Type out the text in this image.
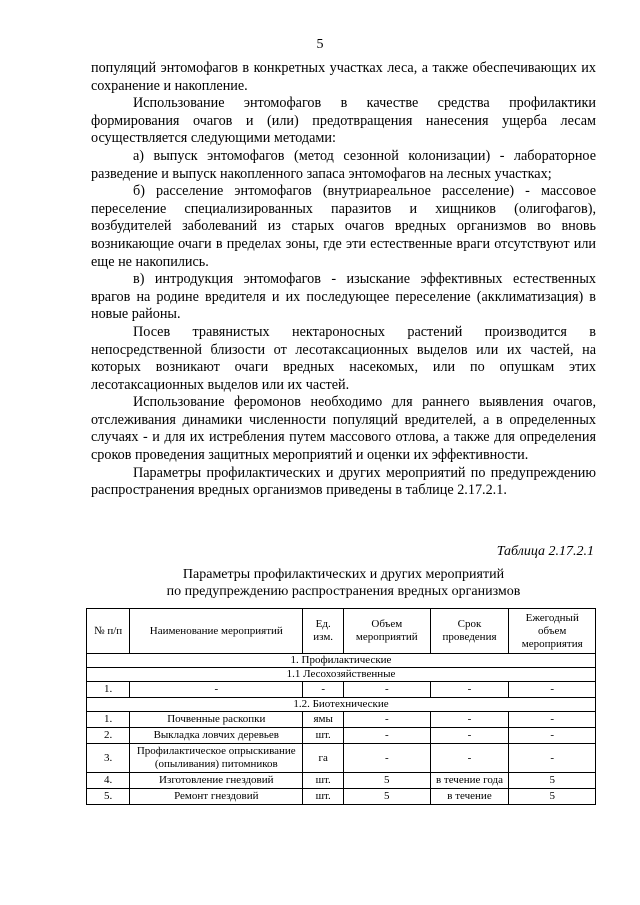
5

популяций энтомофагов в конкретных участках леса, а также обеспечивающих их сохранение и накопление.

Использование энтомофагов в качестве средства профилактики формирования очагов и (или) предотвращения нанесения ущерба лесам осуществляется следующими методами:

а) выпуск энтомофагов (метод сезонной колонизации) - лабораторное разведение и выпуск накопленного запаса энтомофагов на лесных участках;

б) расселение энтомофагов (внутриареальное расселение) - массовое переселение специализированных паразитов и хищников (олигофагов), возбудителей заболеваний из старых очагов вредных организмов во вновь возникающие очаги в пределах зоны, где эти естественные враги отсутствуют или еще не накопились.

в) интродукция энтомофагов - изыскание эффективных естественных врагов на родине вредителя и их последующее переселение (акклиматизация) в новые районы.

Посев травянистых нектароносных растений производится в непосредственной близости от лесотаксационных выделов или их частей, на которых возникают очаги вредных насекомых, или по опушкам этих лесотаксационных выделов или их частей.

Использование феромонов необходимо для раннего выявления очагов, отслеживания динамики численности популяций вредителей, а в определенных случаях - и для их истребления путем массового отлова, а также для определения сроков проведения защитных мероприятий и оценки их эффективности.

Параметры профилактических и других мероприятий по предупреждению распространения вредных организмов приведены в таблице 2.17.2.1.

Таблица 2.17.2.1
Параметры профилактических и других мероприятий
по предупреждению распространения вредных организмов
№ п/п	Наименование мероприятий	Ед. изм.	Объем мероприятий	Срок проведения	Ежегодный объем мероприятия
1. Профилактические					
1.1 Лесохозяйственные					
1.	-	-	-	-	-
1.2. Биотехнические					
1.	Почвенные раскопки	ямы	-	-	-
2.	Выкладка ловчих деревьев	шт.	-	-	-
3.	Профилактическое опрыскивание (опыливания) питомников	га	-	-	-
4.	Изготовление гнездовий	шт.	5	в течение года	5
5.	Ремонт гнездовий	шт.	5	в течение	5
